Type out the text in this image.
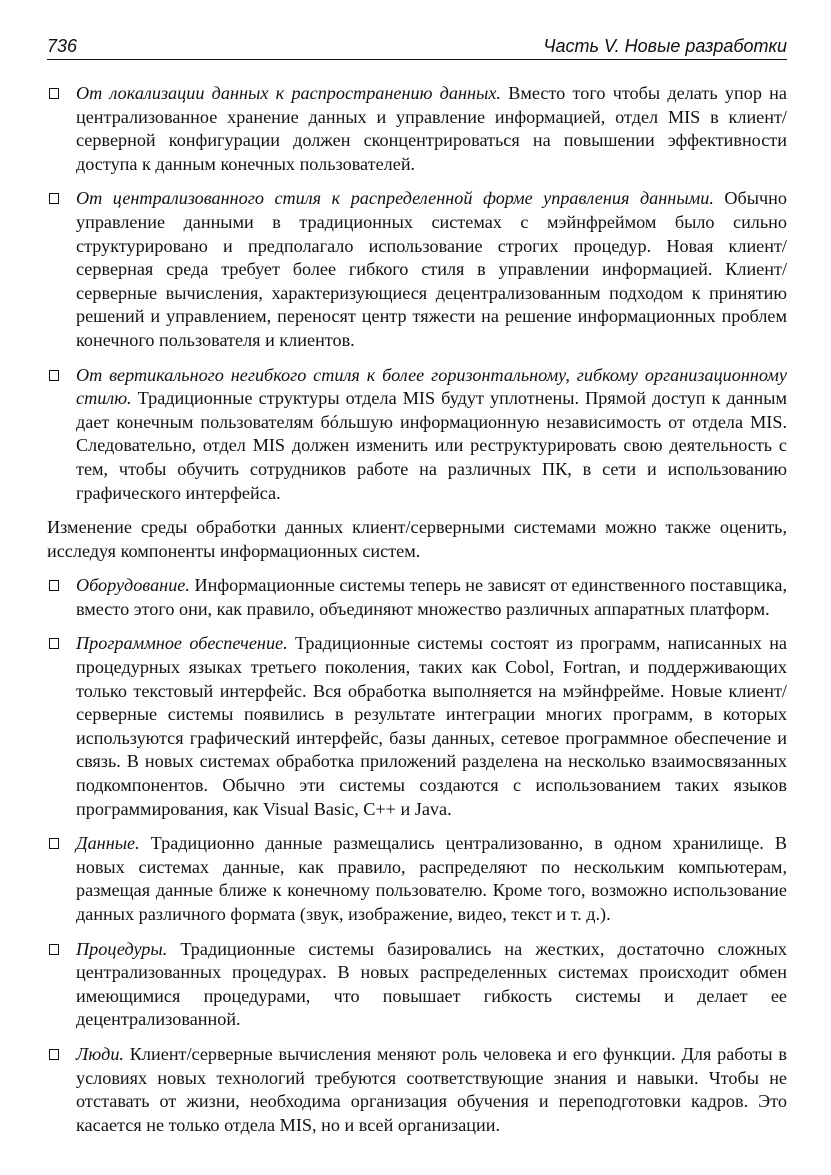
736	Часть V. Новые разработки
От локализации данных к распространению данных. Вместо того чтобы делать упор на централизованное хранение данных и управление информацией, отдел MIS в клиент/серверной конфигурации должен сконцентрироваться на повышении эффективности доступа к данным конечных пользователей.
От централизованного стиля к распределенной форме управления данными. Обычно управление данными в традиционных системах с мэйнфреймом было сильно структурировано и предполагало использование строгих процедур. Новая клиент/серверная среда требует более гибкого стиля в управлении информацией. Клиент/серверные вычисления, характеризующиеся децентрализованным подходом к принятию решений и управлением, переносят центр тяжести на решение информационных проблем конечного пользователя и клиентов.
От вертикального негибкого стиля к более горизонтальному, гибкому организационному стилю. Традиционные структуры отдела MIS будут уплотнены. Прямой доступ к данным дает конечным пользователям бóльшую информационную независимость от отдела MIS. Следовательно, отдел MIS должен изменить или реструктурировать свою деятельность с тем, чтобы обучить сотрудников работе на различных ПК, в сети и использованию графического интерфейса.

Изменение среды обработки данных клиент/серверными системами можно также оценить, исследуя компоненты информационных систем.

Оборудование. Информационные системы теперь не зависят от единственного поставщика, вместо этого они, как правило, объединяют множество различных аппаратных платформ.
Программное обеспечение. Традиционные системы состоят из программ, написанных на процедурных языках третьего поколения, таких как Cobol, Fortran, и поддерживающих только текстовый интерфейс. Вся обработка выполняется на мэйнфрейме. Новые клиент/серверные системы появились в результате интеграции многих программ, в которых используются графический интерфейс, базы данных, сетевое программное обеспечение и связь. В новых системах обработка приложений разделена на несколько взаимосвязанных подкомпонентов. Обычно эти системы создаются с использованием таких языков программирования, как Visual Basic, C++ и Java.
Данные. Традиционно данные размещались централизованно, в одном хранилище. В новых системах данные, как правило, распределяют по нескольким компьютерам, размещая данные ближе к конечному пользователю. Кроме того, возможно использование данных различного формата (звук, изображение, видео, текст и т. д.).
Процедуры. Традиционные системы базировались на жестких, достаточно сложных централизованных процедурах. В новых распределенных системах происходит обмен имеющимися процедурами, что повышает гибкость системы и делает ее децентрализованной.
Люди. Клиент/серверные вычисления меняют роль человека и его функции. Для работы в условиях новых технологий требуются соответствующие знания и навыки. Чтобы не отставать от жизни, необходима организация обучения и переподготовки кадров. Это касается не только отдела MIS, но и всей организации.
